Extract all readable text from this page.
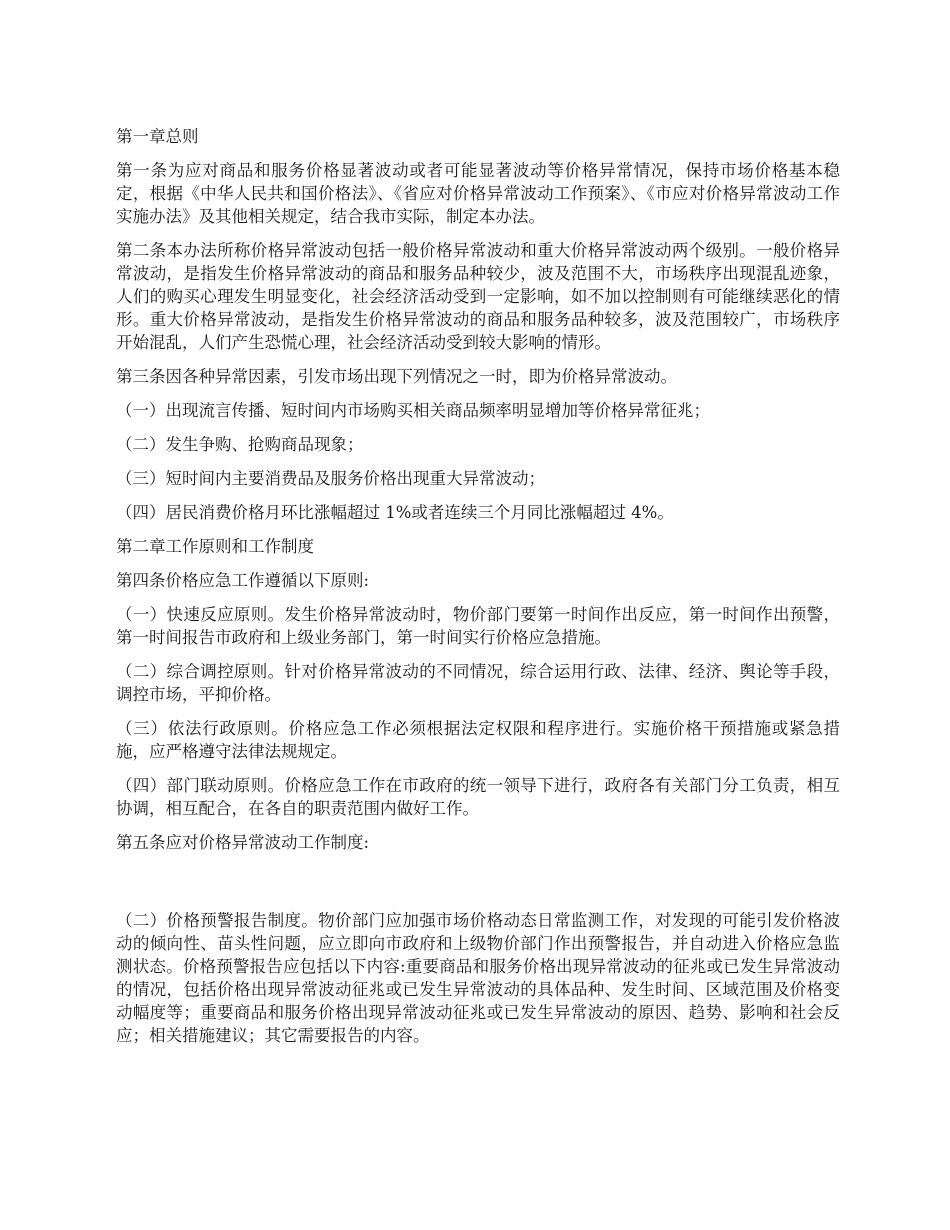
第一章总则

第一条为应对商品和服务价格显著波动或者可能显著波动等价格异常情况，保持市场价格基本稳定，根据《中华人民共和国价格法》、《省应对价格异常波动工作预案》、《市应对价格异常波动工作实施办法》及其他相关规定，结合我市实际，制定本办法。

第二条本办法所称价格异常波动包括一般价格异常波动和重大价格异常波动两个级别。一般价格异常波动，是指发生价格异常波动的商品和服务品种较少，波及范围不大，市场秩序出现混乱迹象，人们的购买心理发生明显变化，社会经济活动受到一定影响，如不加以控制则有可能继续恶化的情形。重大价格异常波动，是指发生价格异常波动的商品和服务品种较多，波及范围较广，市场秩序开始混乱，人们产生恐慌心理，社会经济活动受到较大影响的情形。

第三条因各种异常因素，引发市场出现下列情况之一时，即为价格异常波动。

（一）出现流言传播、短时间内市场购买相关商品频率明显增加等价格异常征兆；

（二）发生争购、抢购商品现象；

（三）短时间内主要消费品及服务价格出现重大异常波动；

（四）居民消费价格月环比涨幅超过 1%或者连续三个月同比涨幅超过 4%。

第二章工作原则和工作制度

第四条价格应急工作遵循以下原则:

（一）快速反应原则。发生价格异常波动时，物价部门要第一时间作出反应，第一时间作出预警，第一时间报告市政府和上级业务部门，第一时间实行价格应急措施。

（二）综合调控原则。针对价格异常波动的不同情况，综合运用行政、法律、经济、舆论等手段，调控市场，平抑价格。

（三）依法行政原则。价格应急工作必须根据法定权限和程序进行。实施价格干预措施或紧急措施，应严格遵守法律法规规定。

（四）部门联动原则。价格应急工作在市政府的统一领导下进行，政府各有关部门分工负责，相互协调，相互配合，在各自的职责范围内做好工作。

第五条应对价格异常波动工作制度:

（二）价格预警报告制度。物价部门应加强市场价格动态日常监测工作，对发现的可能引发价格波动的倾向性、苗头性问题，应立即向市政府和上级物价部门作出预警报告，并自动进入价格应急监测状态。价格预警报告应包括以下内容:重要商品和服务价格出现异常波动的征兆或已发生异常波动的情况，包括价格出现异常波动征兆或已发生异常波动的具体品种、发生时间、区域范围及价格变动幅度等；重要商品和服务价格出现异常波动征兆或已发生异常波动的原因、趋势、影响和社会反应；相关措施建议；其它需要报告的内容。
